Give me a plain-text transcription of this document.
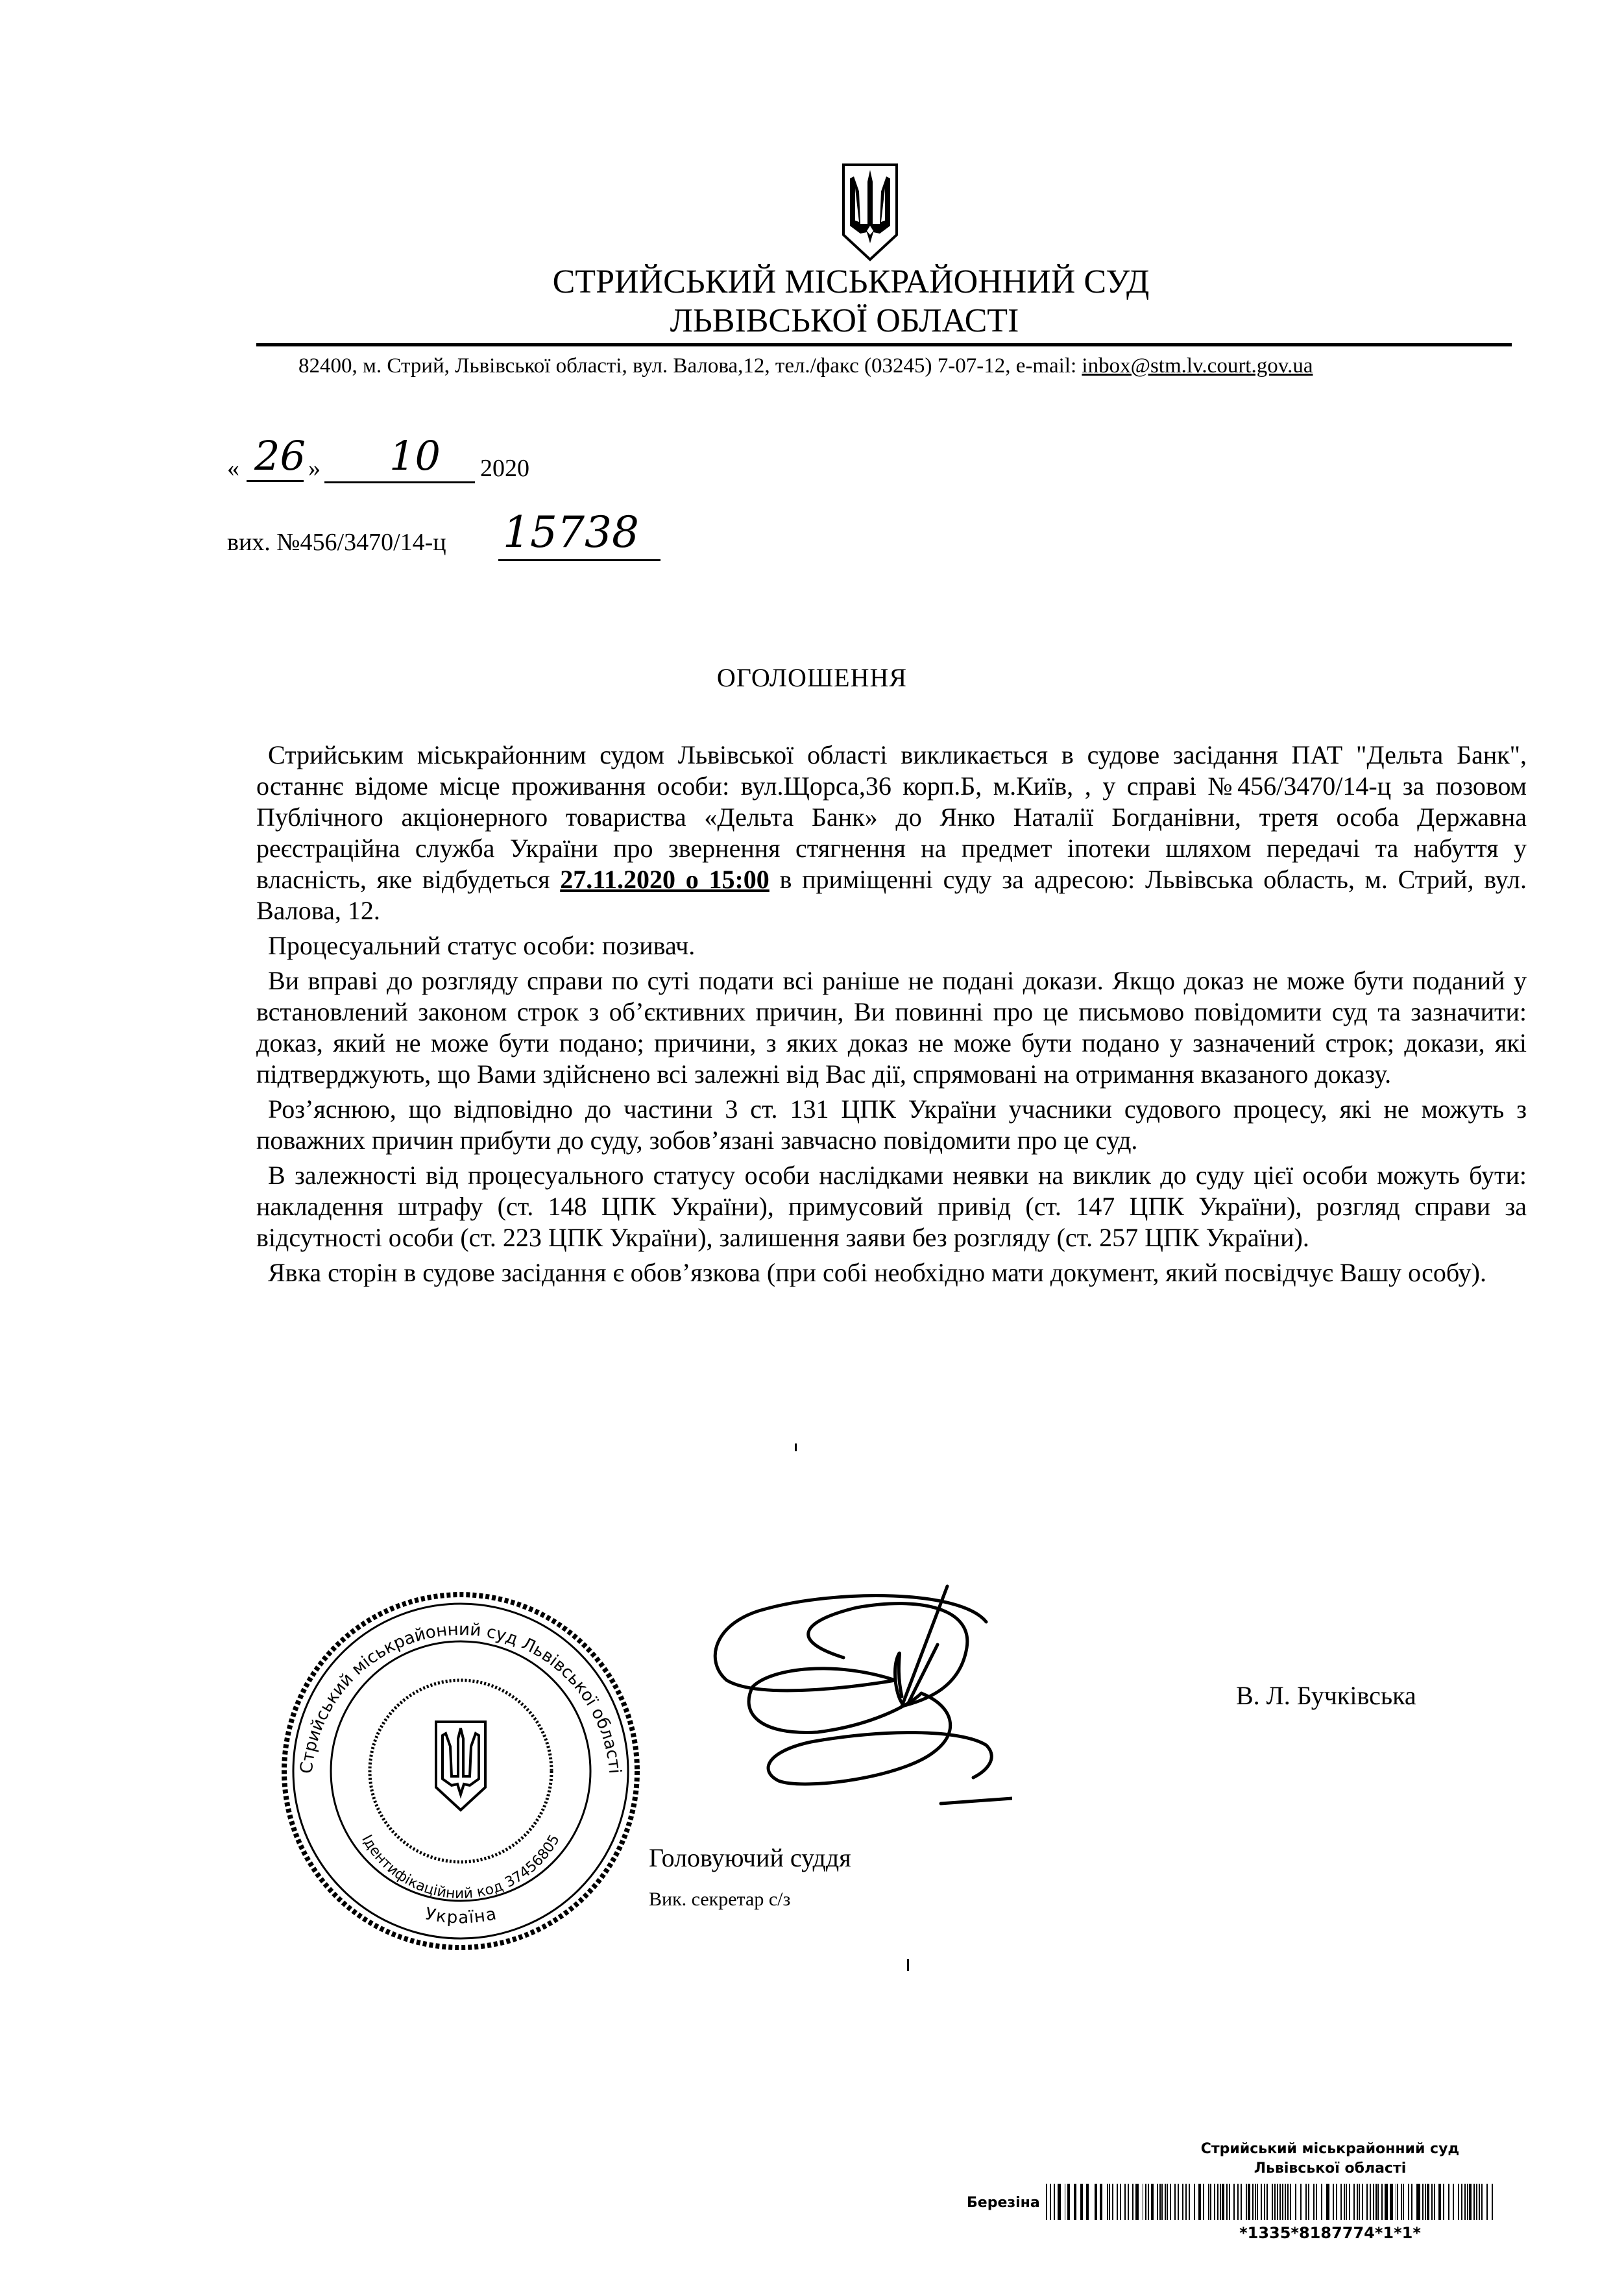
СТРИЙСЬКИЙ МІСЬКРАЙОННИЙ СУД
ЛЬВІВСЬКОЇ ОБЛАСТІ
82400, м. Стрий, Львівської області, вул. Валова,12, тел./факс (03245) 7-07-12, e-mail: inbox@stm.lv.court.gov.ua
« 26 » 10 2020
вих. №456/3470/14-ц 15738
ОГОЛОШЕННЯ

Стрийським міськрайонним судом Львівської області викликається в судове засідання ПАТ "Дельта Банк", останнє відоме місце проживання особи: вул.Щорса,36 корп.Б, м.Київ, , у справі №456/3470/14-ц за позовом Публічного акціонерного товариства «Дельта Банк» до Янко Наталії Богданівни, третя особа Державна реєстраційна служба України про звернення стягнення на предмет іпотеки шляхом передачі та набуття у власність, яке відбудеться 27.11.2020 о 15:00 в приміщенні суду за адресою: Львівська область, м. Стрий, вул. Валова, 12.

Процесуальний статус особи: позивач.

Ви вправі до розгляду справи по суті подати всі раніше не подані докази. Якщо доказ не може бути поданий у встановлений законом строк з об’єктивних причин, Ви повинні про це письмово повідомити суд та зазначити: доказ, який не може бути подано; причини, з яких доказ не може бути подано у зазначений строк; докази, які підтверджують, що Вами здійснено всі залежні від Вас дії, спрямовані на отримання вказаного доказу.

Роз’яснюю, що відповідно до частини 3 ст. 131 ЦПК України учасники судового процесу, які не можуть з поважних причин прибути до суду, зобов’язані завчасно повідомити про це суд.

В залежності від процесуального статусу особи наслідками неявки на виклик до суду цієї особи можуть бути: накладення штрафу (ст. 148 ЦПК України), примусовий привід (ст. 147 ЦПК України), розгляд справи за відсутності особи (ст. 223 ЦПК України), залишення заяви без розгляду (ст. 257 ЦПК України).

Явка сторін в судове засідання є обов’язкова (при собі необхідно мати документ, який посвідчує Вашу особу).

Стрийський міськрайонний суд Львівської області
Ідентифікаційний код 37456805
Україна
Головуючий суддя
Вик. секретар с/з
В. Л. Бучківська
Стрийський міськрайонний суд
Львівської області
Березіна
*1335*8187774*1*1*
